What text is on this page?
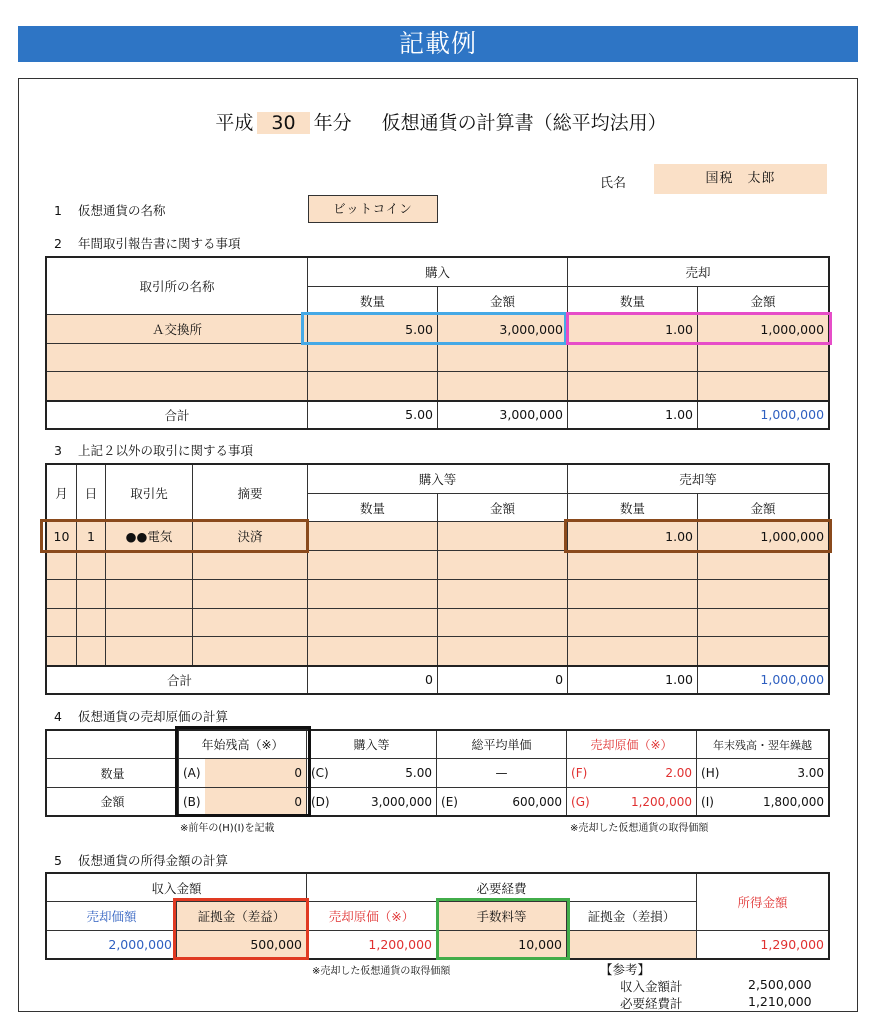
記載例
平成 30 年分 仮想通貨の計算書（総平均法用）
氏名	国税　太郎
1 仮想通貨の名称	ビットコイン
2 年間取引報告書に関する事項
取引所の名称	購入		売却	
	数量	金額	数量	金額
Ａ交換所	5.00	3,000,000	1.00	1,000,000

合計	5.00	3,000,000	1.00	1,000,000
3 上記２以外の取引に関する事項
月	日	取引先	摘要	購入等		売却等	
				数量	金額	数量	金額
10	1	●●電気	決済			1.00	1,000,000

合計				0	0	1.00	1,000,000
4 仮想通貨の売却原価の計算
	年始残高（※）		購入等		総平均単価		売却原価（※）		年末残高・翌年繰越	
数量	(A)	0	(C)	5.00	—		(F)	2.00	(H)	3.00
金額	(B)	0	(D)	3,000,000	(E)	600,000	(G)	1,200,000	(I)	1,800,000
※前年の(H)(I)を記載	※売却した仮想通貨の取得価額
5 仮想通貨の所得金額の計算
収入金額		必要経費			所得金額
売却価額	証拠金（差益）	売却原価（※）	手数料等	証拠金（差損）	
2,000,000	500,000	1,200,000	10,000		1,290,000
※売却した仮想通貨の取得価額	【参考】
収入金額計	2,500,000
必要経費計	1,210,000
